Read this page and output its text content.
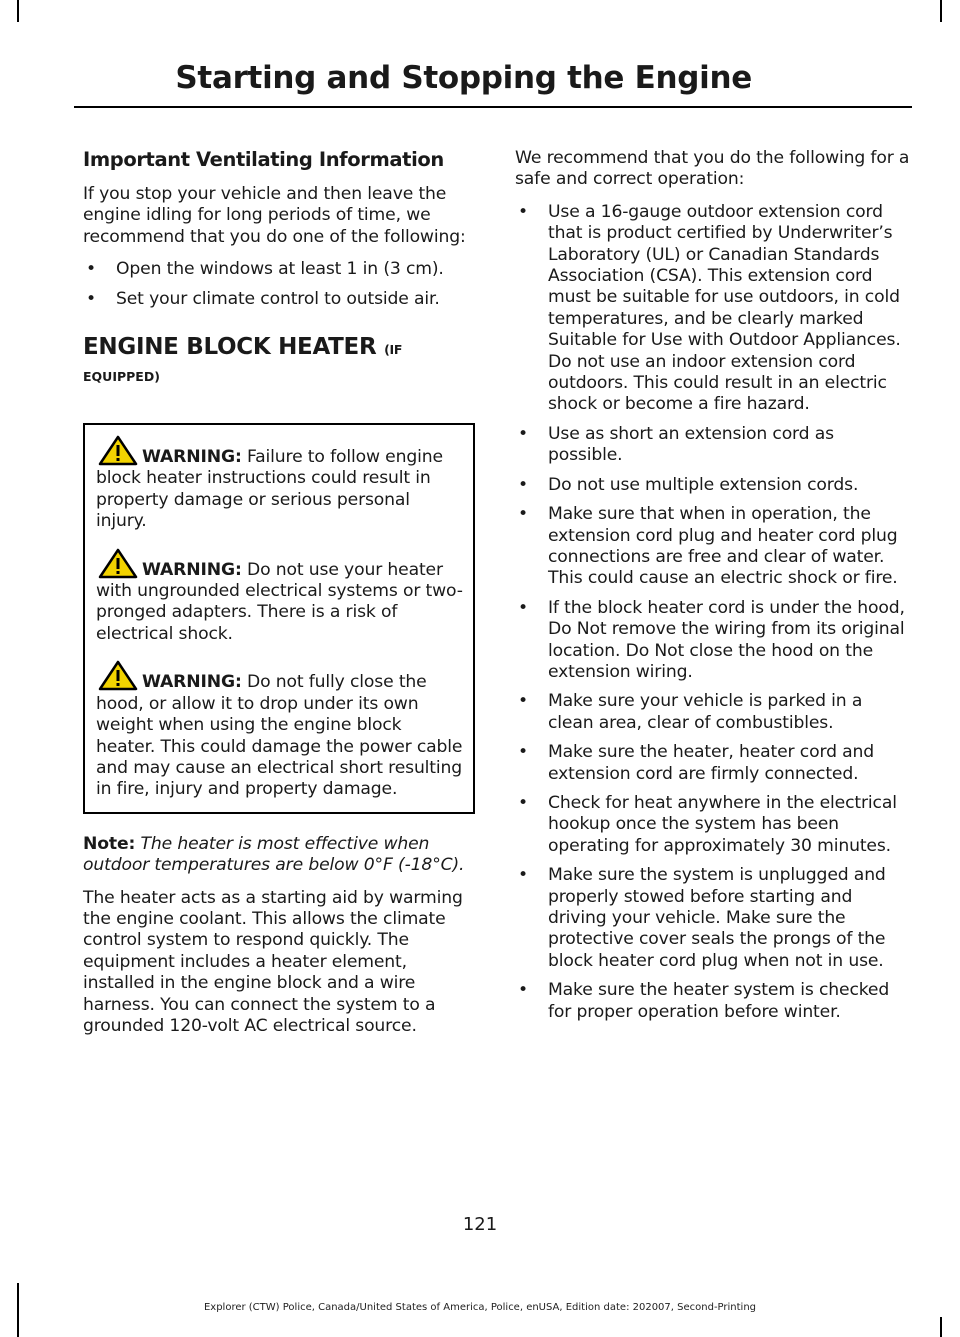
Starting and Stopping the Engine
Important Ventilating Information

If you stop your vehicle and then leave the engine idling for long periods of time, we recommend that you do one of the following:

• Open the windows at least 1 in (3 cm).
• Set your climate control to outside air.
ENGINE BLOCK HEATER (IF
EQUIPPED)

WARNING: Failure to follow engine block heater instructions could result in property damage or serious personal injury.

WARNING: Do not use your heater with ungrounded electrical systems or two-pronged adapters. There is a risk of electrical shock.

WARNING: Do not fully close the hood, or allow it to drop under its own weight when using the engine block heater. This could damage the power cable and may cause an electrical short resulting in fire, injury and property damage.

Note: The heater is most effective when outdoor temperatures are below 0°F (-18°C).

The heater acts as a starting aid by warming the engine coolant. This allows the climate control system to respond quickly. The equipment includes a heater element, installed in the engine block and a wire harness. You can connect the system to a grounded 120-volt AC electrical source.

We recommend that you do the following for a safe and correct operation:

• Use a 16-gauge outdoor extension cord that is product certified by Underwriter’s Laboratory (UL) or Canadian Standards Association (CSA). This extension cord must be suitable for use outdoors, in cold temperatures, and be clearly marked Suitable for Use with Outdoor Appliances. Do not use an indoor extension cord outdoors. This could result in an electric shock or become a fire hazard.
• Use as short an extension cord as possible.
• Do not use multiple extension cords.
• Make sure that when in operation, the extension cord plug and heater cord plug connections are free and clear of water. This could cause an electric shock or fire.
• If the block heater cord is under the hood, Do Not remove the wiring from its original location. Do Not close the hood on the extension wiring.
• Make sure your vehicle is parked in a clean area, clear of combustibles.
• Make sure the heater, heater cord and extension cord are firmly connected.
• Check for heat anywhere in the electrical hookup once the system has been operating for approximately 30 minutes.
• Make sure the system is unplugged and properly stowed before starting and driving your vehicle. Make sure the protective cover seals the prongs of the block heater cord plug when not in use.
• Make sure the heater system is checked for proper operation before winter.
121
Explorer (CTW) Police, Canada/United States of America, Police, enUSA, Edition date: 202007, Second-Printing
